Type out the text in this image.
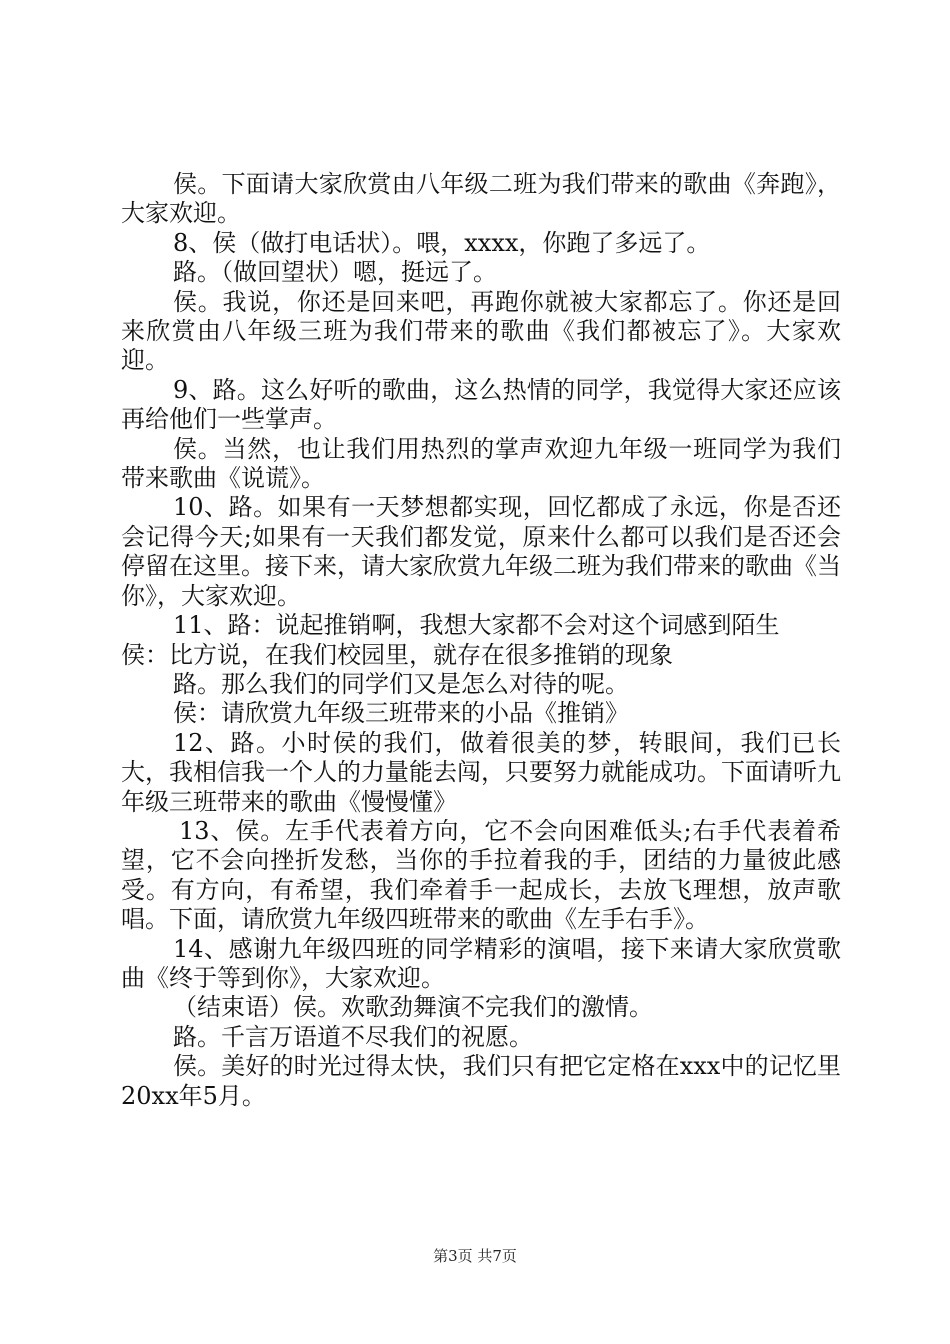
侯。下面请大家欣赏由八年级二班为我们带来的歌曲《奔跑》，大家欢迎。

8、侯（做打电话状）。喂，xxxx，你跑了多远了。

路。（做回望状）嗯，挺远了。

侯。我说，你还是回来吧，再跑你就被大家都忘了。你还是回来欣赏由八年级三班为我们带来的歌曲《我们都被忘了》。大家欢迎。

9、路。这么好听的歌曲，这么热情的同学，我觉得大家还应该再给他们一些掌声。

侯。当然，也让我们用热烈的掌声欢迎九年级一班同学为我们带来歌曲《说谎》。

10、路。如果有一天梦想都实现，回忆都成了永远，你是否还会记得今天;如果有一天我们都发觉，原来什么都可以我们是否还会停留在这里。接下来，请大家欣赏九年级二班为我们带来的歌曲《当你》，大家欢迎。

11、路：说起推销啊，我想大家都不会对这个词感到陌生

侯：比方说，在我们校园里，就存在很多推销的现象

路。那么我们的同学们又是怎么对待的呢。

侯：请欣赏九年级三班带来的小品《推销》

12、路。小时侯的我们，做着很美的梦，转眼间，我们已长大，我相信我一个人的力量能去闯，只要努力就能成功。下面请听九年级三班带来的歌曲《慢慢懂》

13、侯。左手代表着方向，它不会向困难低头;右手代表着希望，它不会向挫折发愁，当你的手拉着我的手，团结的力量彼此感受。有方向，有希望，我们牵着手一起成长，去放飞理想，放声歌唱。下面，请欣赏九年级四班带来的歌曲《左手右手》。

14、感谢九年级四班的同学精彩的演唱，接下来请大家欣赏歌曲《终于等到你》，大家欢迎。

（结束语）侯。欢歌劲舞演不完我们的激情。

路。千言万语道不尽我们的祝愿。

侯。美好的时光过得太快，我们只有把它定格在xxx中的记忆里20xx年5月。

第3页 共7页
